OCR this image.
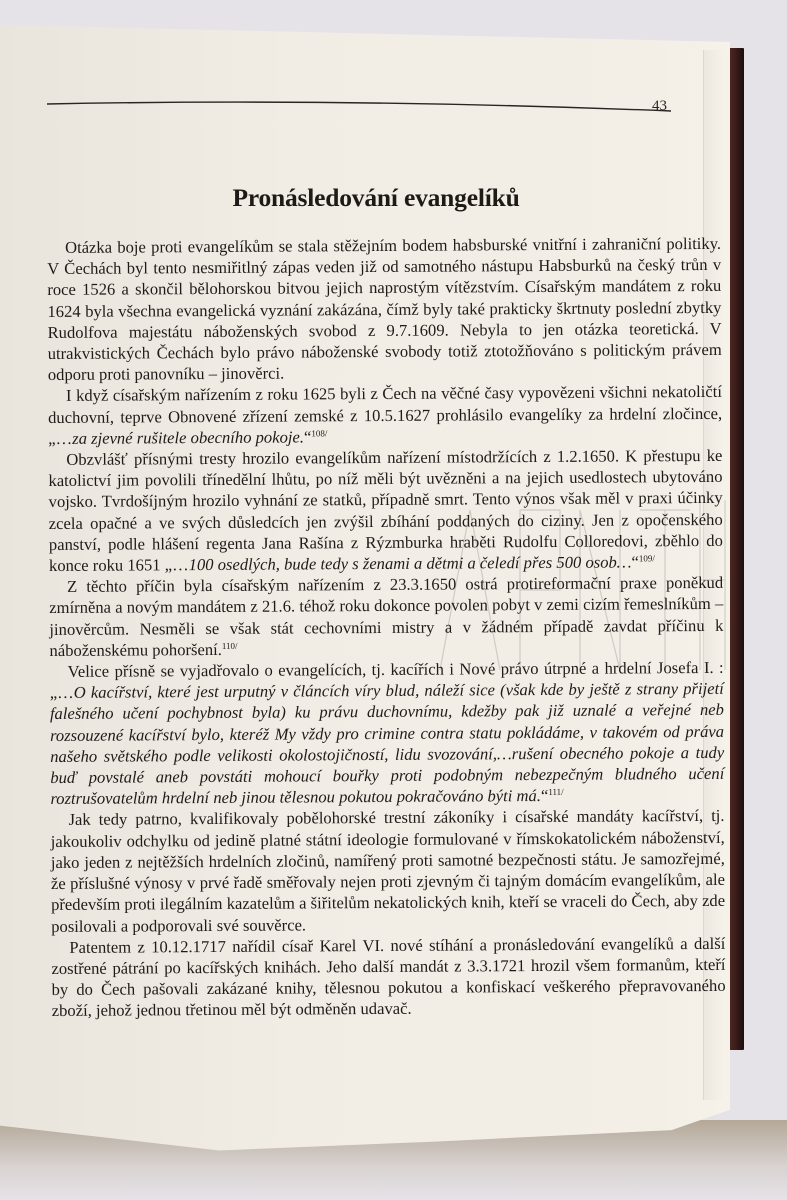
43
Pronásledování evangelíků

Otázka boje proti evangelíkům se stala stěžejním bodem habsburské vnitřní i zahraniční politiky. V Čechách byl tento nesmiřitlný zápas veden již od samotného nástupu Habsburků na český trůn v roce 1526 a skončil bělohorskou bitvou jejich naprostým vítězstvím. Císařským mandátem z roku 1624 byla všechna evangelická vyznání zakázána, čímž byly také prakticky škrtnuty poslední zbytky Rudolfova majestátu náboženských svobod z 9.7.1609. Nebyla to jen otázka teoretická. V utrakvistických Čechách bylo právo náboženské svobody totiž ztotožňováno s politickým právem odporu proti panovníku – jinověrci.

I když císařským nařízením z roku 1625 byli z Čech na věčné časy vypovězeni všichni nekatoličtí duchovní, teprve Obnovené zřízení zemské z 10.5.1627 prohlásilo evangelíky za hrdelní zločince, „…za zjevné rušitele obecního pokoje.“$^{108/}$

Obzvlášť přísnými tresty hrozilo evangelíkům nařízení místodržících z 1.2.1650. K přestupu ke katolictví jim povolili třínedělní lhůtu, po níž měli být uvězněni a na jejich usedlostech ubytováno vojsko. Tvrdošíjným hrozilo vyhnání ze statků, případně smrt. Tento výnos však měl v praxi účinky zcela opačné a ve svých důsledcích jen zvýšil zbíhání poddaných do ciziny. Jen z opočenského panství, podle hlášení regenta Jana Rašína z Rýzmburka hraběti Rudolfu Colloredovi, zběhlo do konce roku 1651 „…100 osedlých, bude tedy s ženami a dětmi a čeledí přes 500 osob…“$^{109/}$

Z těchto příčin byla císařským nařízením z 23.3.1650 ostrá protireformační praxe poněkud zmírněna a novým mandátem z 21.6. téhož roku dokonce povolen pobyt v zemi cizím řemeslníkům – jinověrcům. Nesměli se však stát cechovními mistry a v žádném případě zavdat příčinu k náboženskému pohoršení.$^{110/}$

Velice přísně se vyjadřovalo o evangelících, tj. kacířích i Nové právo útrpné a hrdelní Josefa I. : „…O kacířství, které jest urputný v článcích víry blud, náleží sice (však kde by ještě z strany přijetí falešného učení pochybnost byla) ku právu duchovnímu, kdežby pak již uznalé a veřejné neb rozsouzené kacířství bylo, kteréž My vždy pro crimine contra statu pokládáme, v takovém od práva našeho světského podle velikosti okolostojičností, lidu svozování,…rušení obecného pokoje a tudy buď povstalé aneb povstáti mohoucí bouřky proti podobným nebezpečným bludného učení roztrušovatelům hrdelní neb jinou tělesnou pokutou pokračováno býti má.“$^{111/}$

Jak tedy patrno, kvalifikovaly pobělohorské trestní zákoníky i císařské mandáty kacířství, tj. jakoukoliv odchylku od jedině platné státní ideologie formulované v římskokatolickém náboženství, jako jeden z nejtěžších hrdelních zločinů, namířený proti samotné bezpečnosti státu. Je samozřejmé, že příslušné výnosy v prvé řadě směřovaly nejen proti zjevným či tajným domácím evangelíkům, ale především proti ilegálním kazatelům a šiřitelům nekatolických knih, kteří se vraceli do Čech, aby zde posilovali a podporovali své souvěrce.

Patentem z 10.12.1717 nařídil císař Karel VI. nové stíhání a pronásledování evangelíků a další zostřené pátrání po kacířských knihách. Jeho další mandát z 3.3.1721 hrozil všem formanům, kteří by do Čech pašovali zakázané knihy, tělesnou pokutou a konfiskací veškerého přepravovaného zboží, jehož jednou třetinou měl být odměněn udavač.
